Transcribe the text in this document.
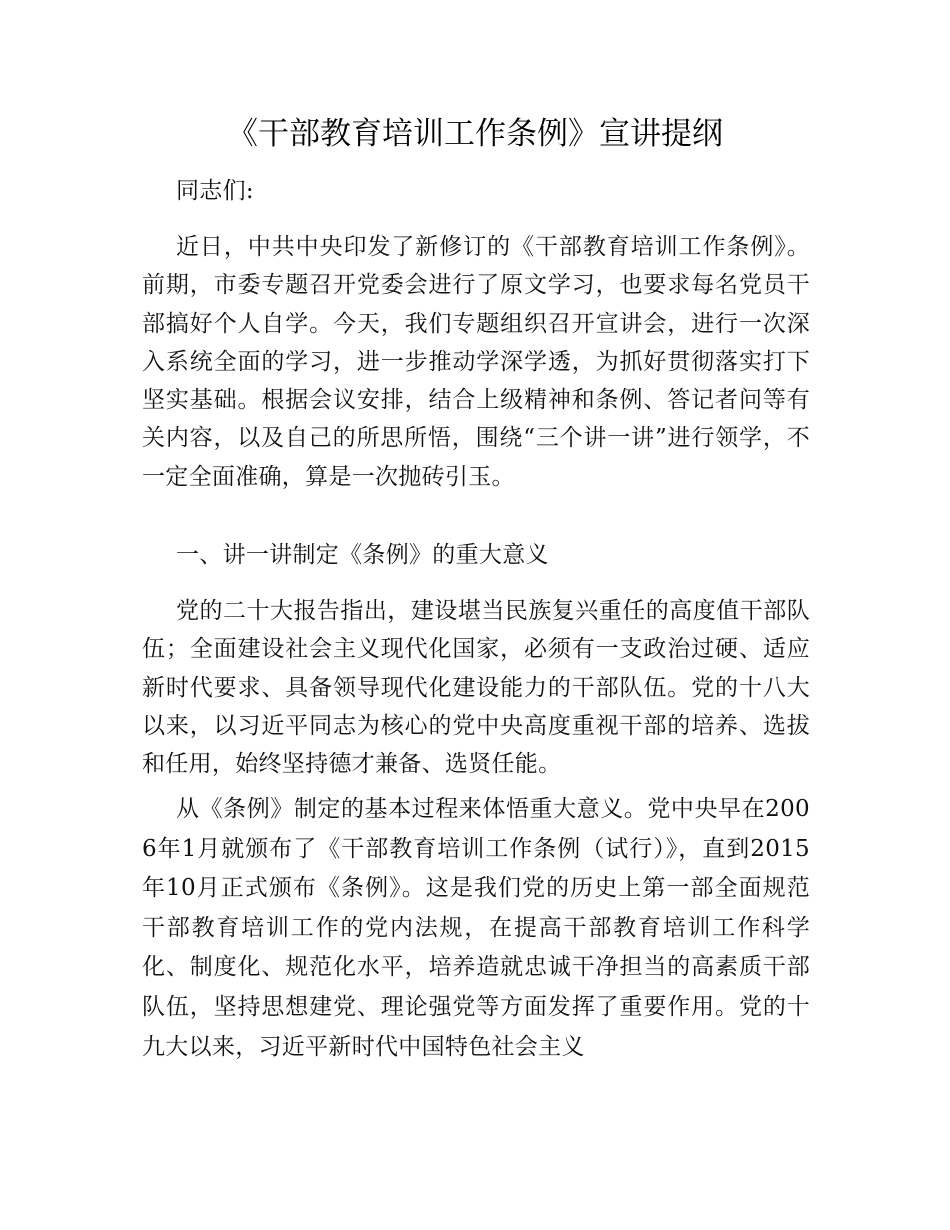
《干部教育培训工作条例》宣讲提纲

同志们:

近日，中共中央印发了新修订的《干部教育培训工作条例》。前期，市委专题召开党委会进行了原文学习，也要求每名党员干部搞好个人自学。今天，我们专题组织召开宣讲会，进行一次深入系统全面的学习，进一步推动学深学透，为抓好贯彻落实打下坚实基础。根据会议安排，结合上级精神和条例、答记者问等有关内容，以及自己的所思所悟，围绕“三个讲一讲”进行领学，不一定全面准确，算是一次抛砖引玉。

一、讲一讲制定《条例》的重大意义

党的二十大报告指出，建设堪当民族复兴重任的高度值干部队伍；全面建设社会主义现代化国家，必须有一支政治过硬、适应新时代要求、具备领导现代化建设能力的干部队伍。党的十八大以来，以习近平同志为核心的党中央高度重视干部的培养、选拔和任用，始终坚持德才兼备、选贤任能。

从《条例》制定的基本过程来体悟重大意义。党中央早在2006年1月就颁布了《干部教育培训工作条例（试行）》，直到2015年10月正式颁布《条例》。这是我们党的历史上第一部全面规范干部教育培训工作的党内法规，在提高干部教育培训工作科学化、制度化、规范化水平，培养造就忠诚干净担当的高素质干部队伍，坚持思想建党、理论强党等方面发挥了重要作用。党的十九大以来，习近平新时代中国特色社会主义
